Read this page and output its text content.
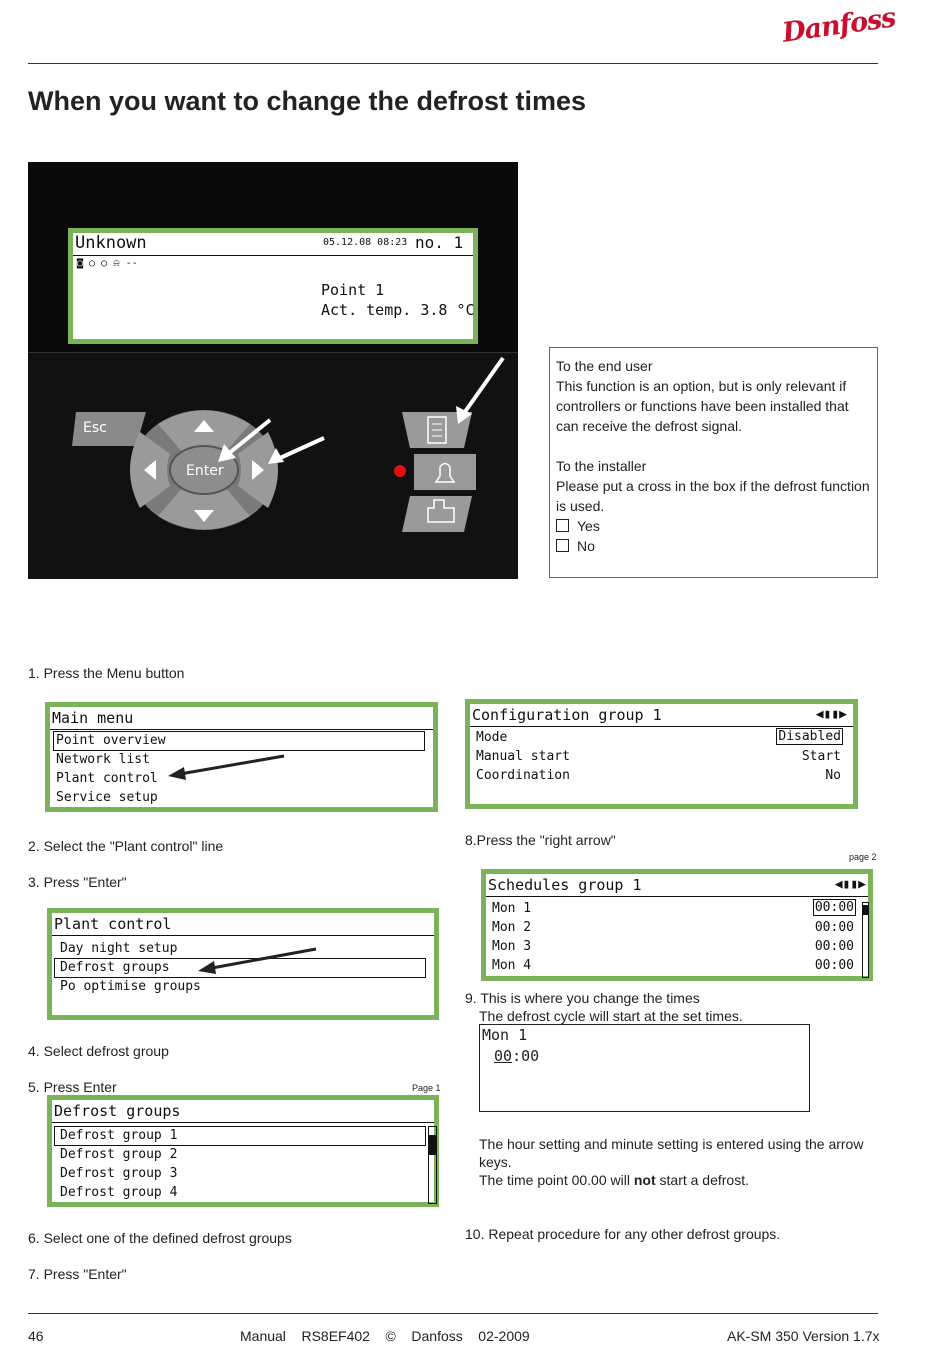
Danfoss
When you want to change the defrost times
Unknown	05.12.08 08:23 no. 1
◙ ○ ○ ⍾ --
Point 1
Act. temp. 3.8 °C
Esc
Enter
To the end user
This function is an option, but is only relevant if controllers or functions have been installed that can receive the defrost signal.
To the installer
Please put a cross in the box if the defrost function is used.
Yes
No
1. Press the Menu button
Main menu
Point overview
Network list
Plant control
Service setup
2. Select the "Plant control" line
3. Press "Enter"
Plant control
Day night setup
Defrost groups
Po optimise groups
4. Select defrost group
5. Press Enter	Page 1
Defrost groups
Defrost group 1
Defrost group 2
Defrost group 3
Defrost group 4
6. Select one of the defined defrost groups
7. Press "Enter"
Configuration group 1	◀▮▮▶
Mode	Disabled
Manual start	Start
Coordination	No
8.Press the "right arrow"
page 2
Schedules group 1	◀▮▮▶
Mon 1	00:00
Mon 2	00:00
Mon 3	00:00
Mon 4	00:00
9. This is where you change the times
The defrost cycle will start at the set times.
Mon 1
00:00
The hour setting and minute setting is entered using the arrow keys.
The time point 00.00 will not start a defrost.
10. Repeat procedure for any other defrost groups.
46	Manual    RS8EF402    ©    Danfoss    02-2009	AK-SM 350 Version 1.7x
